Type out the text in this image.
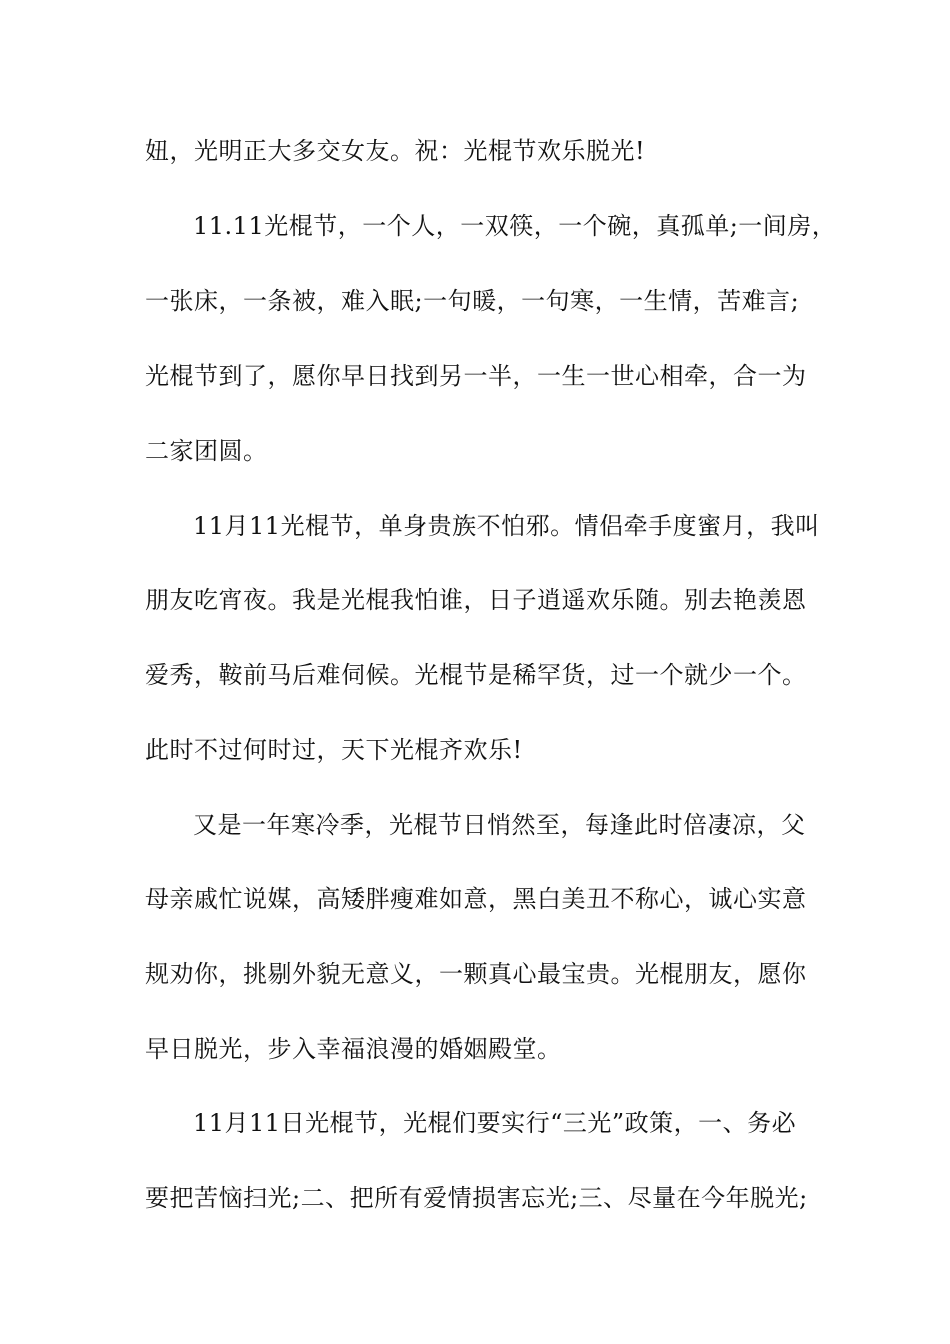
妞，光明正大多交女友。祝：光棍节欢乐脱光!
11.11光棍节，一个人，一双筷，一个碗，真孤单;一间房，
一张床，一条被，难入眠;一句暖，一句寒，一生情，苦难言;
光棍节到了，愿你早日找到另一半，一生一世心相牵，合一为
二家团圆。
11月11光棍节，单身贵族不怕邪。情侣牵手度蜜月，我叫
朋友吃宵夜。我是光棍我怕谁，日子逍遥欢乐随。别去艳羡恩
爱秀，鞍前马后难伺候。光棍节是稀罕货，过一个就少一个。
此时不过何时过，天下光棍齐欢乐!
又是一年寒冷季，光棍节日悄然至，每逢此时倍凄凉，父
母亲戚忙说媒，高矮胖瘦难如意，黑白美丑不称心，诚心实意
规劝你，挑剔外貌无意义，一颗真心最宝贵。光棍朋友，愿你
早日脱光，步入幸福浪漫的婚姻殿堂。
11月11日光棍节，光棍们要实行“三光”政策，一、务必
要把苦恼扫光;二、把所有爱情损害忘光;三、尽量在今年脱光;
